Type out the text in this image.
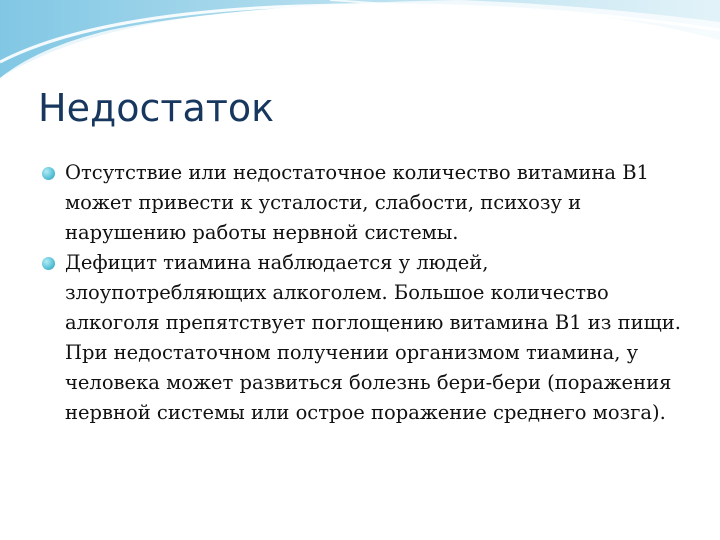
Недостаток
Отсутствие или недостаточное количество витамина В1 может привести к усталости, слабости, психозу и нарушению работы нервной системы.
Дефицит тиамина наблюдается у людей, злоупотребляющих алкоголем. Большое количество алкоголя препятствует поглощению витамина В1 из пищи. При недостаточном получении организмом тиамина, у человека может развиться болезнь бери-бери (поражения нервной системы или острое поражение среднего мозга).
